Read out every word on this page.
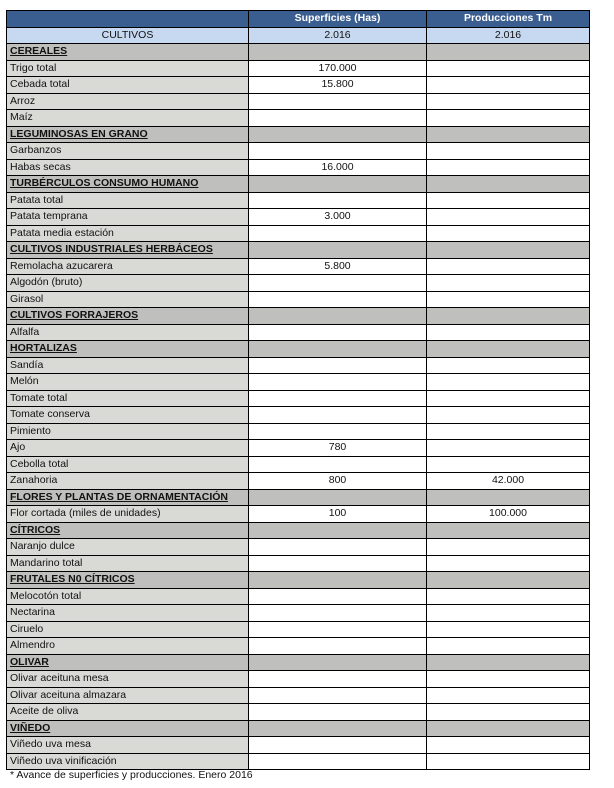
	Superficies (Has)	Producciones Tm
CULTIVOS	2.016	2.016
CEREALES		
Trigo total	170.000	
Cebada total	15.800	
Arroz		
Maíz		
LEGUMINOSAS EN GRANO		
Garbanzos		
Habas secas	16.000	
TURBÉRCULOS CONSUMO HUMANO		
Patata total		
Patata temprana	3.000	
Patata media estación		
CULTIVOS INDUSTRIALES HERBÁCEOS		
Remolacha azucarera	5.800	
Algodón (bruto)		
Girasol		
CULTIVOS FORRAJEROS		
Alfalfa		
HORTALIZAS		
Sandía		
Melón		
Tomate total		
Tomate conserva		
Pimiento		
Ajo	780	
Cebolla total		
Zanahoria	800	42.000
FLORES Y PLANTAS DE ORNAMENTACIÓN		
Flor cortada (miles de unidades)	100	100.000
CÍTRICOS		
Naranjo dulce		
Mandarino total		
FRUTALES N0 CÍTRICOS		
Melocotón total		
Nectarina		
Ciruelo		
Almendro		
OLIVAR		
Olivar aceituna mesa		
Olivar aceituna almazara		
Aceite de oliva		
VIÑEDO		
Viñedo uva mesa		
Viñedo uva vinificación		
* Avance de superficies y producciones. Enero 2016
